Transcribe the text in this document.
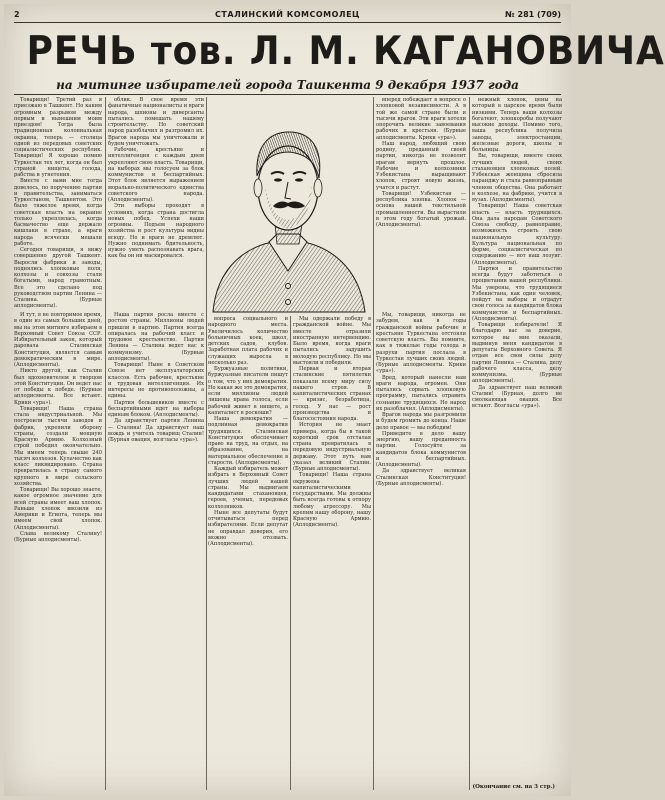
2	СТАЛИНСКИЙ КОМСОМОЛЕЦ	№ 281 (709)
РЕЧЬ тов. Л. М. КАГАНОВИЧА
на митинге избирателей города Ташкента 9 декабря 1937 года

Товарищи! Третий раз я приезжаю в Ташкент. Но каким огромным разрывом между первым и нынешним моим приездом! Тогда была традиционная колониальная окраина, теперь — столица одной из передовых советских социалистических республик. Товарищи! Я хорошо помню Туркестан тех лет, когда он был страной нищеты, голода, рабства и угнетения.

Вместе с вами мне тогда довелось, по поручению партии и правительства, заниматься Туркестаном, Ташкентом. Это было тяжелое время, когда советская власть на окраине только укреплялась, когда басмачество еще держало кишлаки в страхе, а враги народа всячески мешали работе.

Сегодня товарищи, я вижу совершенно другой Ташкент. Выросли фабрики и заводы, поднялись хлопковые поля, колхозы и совхозы стали богатыми, народ грамотным. Все это сделано под руководством партии Ленина — Сталина. (Бурные аплодисменты).

И тут, в не повторимое время, в один из самых больших дней, мы на этом митинге избираем в Верховный Совет Союза ССР. Избирательный закон, который даровала Сталинская Конституция, является самым демократическим в мире. (Аплодисменты).

Никто другой, как Сталин был вдохновителем и творцом этой Конституции. Он ведет нас от победы к победе. (Бурные аплодисменты. Все встают. Крики «ура»).

Товарищи! Наша страна стала индустриальной. Мы построили тысячи заводов и фабрик, укрепили оборону страны, создали мощную Красную Армию. Колхозный строй победил окончательно. Мы имеем теперь свыше 240 тысяч колхозов. Кулачество как класс ликвидировано. Страна превратилась в страну самого крупного в мире сельского хозяйства.

Товарищи! Вы хорошо знаете, какое огромное значение для всей страны имеет ваш хлопок. Раньше хлопок ввозили из Америки и Египта, теперь мы имеем свой хлопок. (Аплодисменты).

Слава великому Сталину! (Бурные аплодисменты).

облик. В свое время эти фанатичные националисты и враги народа, шпионы и диверсанты пытались помешать нашему строительству. Но советский народ разоблачил и разгромил их. Врагов народа мы уничтожали и будем уничтожать.

Рабочие, крестьяне и интеллигенция с каждым днем укрепляют свою власть. Товарищи, на выборах мы голосуем за блок коммунистов и беспартийных. Этот блок является выражением морально-политического единства советского народа. (Аплодисменты).

Эти выборы проходят в условиях, когда страна достигла новых побед. Успехи наши огромны. Подъем народного хозяйства и рост культуры видны всюду. Но и враги не дремлют. Нужно поднимать бдительность, нужно уметь распознавать врага, как бы он ни маскировался.

Наша партия росла вместе с ростом страны. Миллионы людей пришли в партию. Партия всегда опиралась на рабочий класс и трудовое крестьянство. Партия Ленина — Сталина ведет нас к коммунизму. (Бурные аплодисменты).

Товарищи! Ныне в Советском Союзе нет эксплуататорских классов. Есть рабочие, крестьяне и трудовая интеллигенция. Их интересы не противоположны, а едины.

Партия большевиков вместе с беспартийными идет на выборы единым блоком. (Аплодисменты).

Да здравствует партия Ленина — Сталина! Да здравствует наш вождь и учитель товарищ Сталин! (Бурная овация, возгласы «ура»).

вопроса социального и народного места. Увеличилось количество больничных коек, школ, детских садов, клубов. Заработная плата рабочих и служащих выросла в несколько раз.

Буржуазные политики, буржуазные писатели пишут о том, что у них демократия. Но какая же это демократия, если миллионы людей лишены права голоса, если рабочий живет в нищете, а капиталист в роскоши?

Наша демократия — подлинная демократия трудящихся. Сталинская Конституция обеспечивает право на труд, на отдых, на образование, на материальное обеспечение в старости. (Аплодисменты).

Каждый избиратель может избрать в Верховный Совет лучших людей нашей страны. Мы выдвигаем кандидатами стахановцев, героев, ученых, передовых колхозников.

Ныне все депутаты будут отчитываться перед избирателями. Если депутат не оправдал доверия, его можно отозвать. (Аплодисменты).

Мы одержали победу в гражданской войне. Мы вместе отразили иностранную интервенцию. Было время, когда враги пытались задушить молодую республику. Но мы выстояли и победили.

Первая и вторая сталинские пятилетки показали всему миру силу нашего строя. В капиталистических странах — кризис, безработица, голод. У нас — рост производства и благосостояния народа.

История не знает примера, когда бы в такой короткий срок отсталая страна превратилась в передовую индустриальную державу. Этот путь нам указал великий Сталин. (Бурные аплодисменты).

Товарищи! Наша страна окружена капиталистическими государствами. Мы должны быть всегда готовы к отпору любому агрессору. Мы крепим нашу оборону, нашу Красную Армию. (Аплодисменты).

вперед побеждает в вопросе о хлопковой независимости. А в той же самой стране были и тысячи врагов. Эти враги хотели опорочить великие завоевания рабочих и крестьян. (Бурные аплодисменты. Крики «ура»).

Наш народ, любящий свою родину, преданный своей партии, никогда не позволит врагам вернуть прошлое. Рабочие и колхозники Узбекистана выращивают хлопок, строят новую жизнь, учатся и растут.

Товарищи! Узбекистан — республика хлопка. Хлопок — основа нашей текстильной промышленности. Вы вырастили в этом году богатый урожай. (Аплодисменты).

Мы, товарищи, никогда не забудем, как в годы гражданской войны рабочие и крестьяне Туркестана отстояли советскую власть. Вы помните, как в тяжелые годы голода и разрухи партия послала в Туркестан лучших своих людей. (Бурные аплодисменты. Крики «ура»).

Вред, который нанесли нам враги народа, огромен. Они пытались сорвать хлопковую программу, пытались отравить сознание трудящихся. Но народ их разоблачил. (Аплодисменты).

Врагов народа мы разгромили и будем громить до конца. Наше дело правое — мы победим!

Приведите в дело вашу энергию, вашу преданность партии. Голосуйте за кандидатов блока коммунистов и беспартийных. (Аплодисменты).

Да здравствует великая Сталинская Конституция! (Бурные аплодисменты).

нежный хлопок, цены на который в царское время были низкими. Теперь ваши колхозы богатеют, хлопкоробы получают высокие доходы. Помимо того, ваша республика получила заводы, электростанции, железные дороги, школы и больницы.

Вы, товарищи, имеете своих лучших людей, своих стахановцев хлопковых полей. Узбекская женщина сбросила паранджу и стала равноправным членом общества. Она работает в колхозе, на фабрике, учится в вузах. (Аплодисменты).

Товарищи! Наша советская власть — власть трудящихся. Она дала народам Советского Союза свободу, равноправие, возможность строить свою национальную культуру. Культура национальная по форме, социалистическая по содержанию — вот наш лозунг. (Аплодисменты).

Партия и правительство всегда будут заботиться о процветании вашей республики. Мы уверены, что трудящиеся Узбекистана, как один человек, пойдут на выборы и отдадут свои голоса за кандидатов блока коммунистов и беспартийных. (Аплодисменты).

Товарищи избиратели! Я благодарю вас за доверие, которое вы мне оказали, выдвинув меня кандидатом в депутаты Верховного Совета. Я отдам все свои силы делу партии Ленина — Сталина, делу рабочего класса, делу коммунизма. (Бурные аплодисменты).

Да здравствует наш великий Сталин! (Бурная, долго не смолкающая овация. Все встают. Возгласы «ура»).

(Окончание см. на 3 стр.)
